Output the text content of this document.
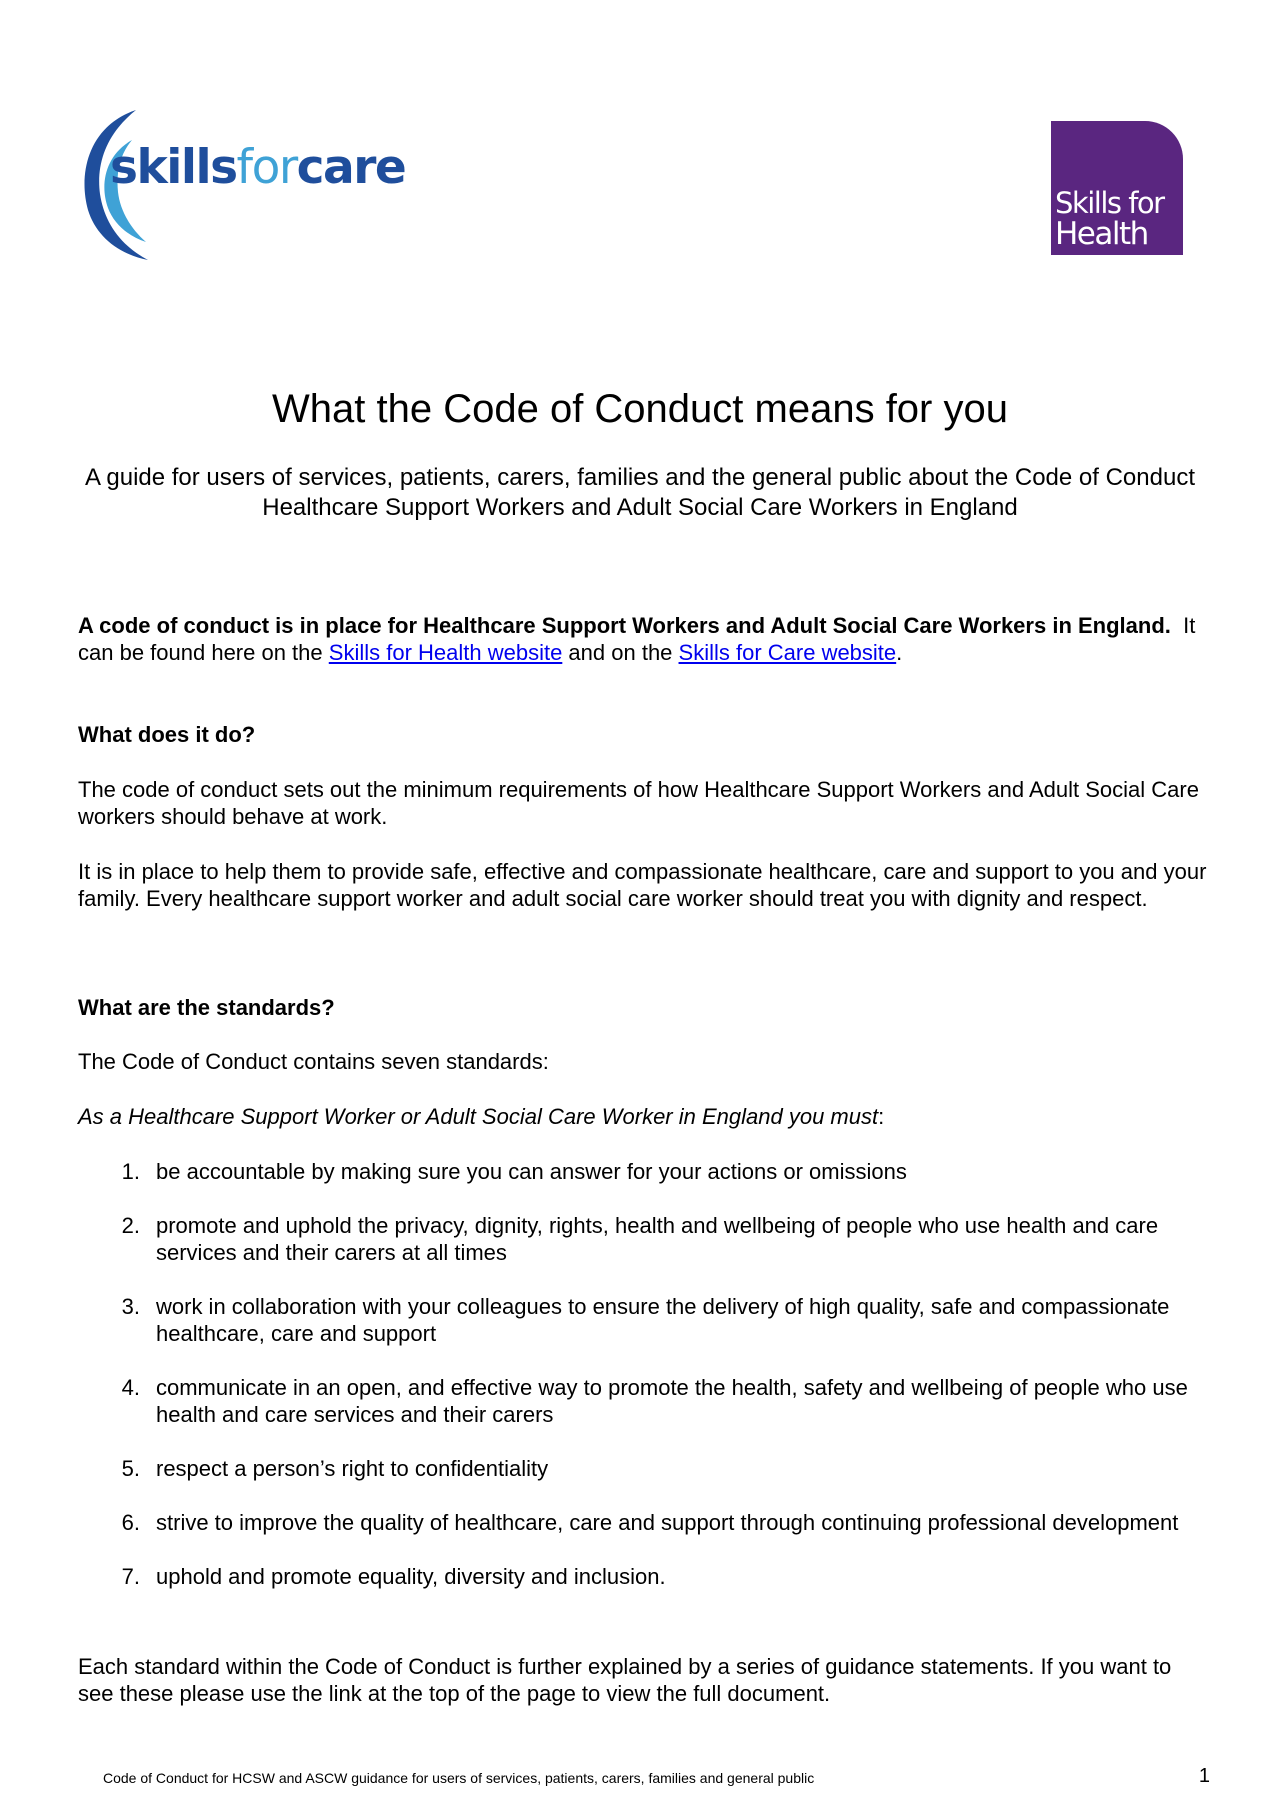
skillsforcare
Skills for
Health
What the Code of Conduct means for you
A guide for users of services, patients, carers, families and the general public about the Code of Conduct Healthcare Support Workers and Adult Social Care Workers in England
A code of conduct is in place for Healthcare Support Workers and Adult Social Care Workers in England.  It can be found here on the Skills for Health website and on the Skills for Care website.
What does it do?
The code of conduct sets out the minimum requirements of how Healthcare Support Workers and Adult Social Care workers should behave at work.
It is in place to help them to provide safe, effective and compassionate healthcare, care and support to you and your family. Every healthcare support worker and adult social care worker should treat you with dignity and respect.
What are the standards?
The Code of Conduct contains seven standards:
As a Healthcare Support Worker or Adult Social Care Worker in England you must:
1. be accountable by making sure you can answer for your actions or omissions
2. promote and uphold the privacy, dignity, rights, health and wellbeing of people who use health and care services and their carers at all times
3. work in collaboration with your colleagues to ensure the delivery of high quality, safe and compassionate healthcare, care and support
4. communicate in an open, and effective way to promote the health, safety and wellbeing of people who use health and care services and their carers
5. respect a person’s right to confidentiality
6. strive to improve the quality of healthcare, care and support through continuing professional development
7. uphold and promote equality, diversity and inclusion.
Each standard within the Code of Conduct is further explained by a series of guidance statements. If you want to see these please use the link at the top of the page to view the full document.
Code of Conduct for HCSW and ASCW guidance for users of services, patients, carers, families and general public	1
